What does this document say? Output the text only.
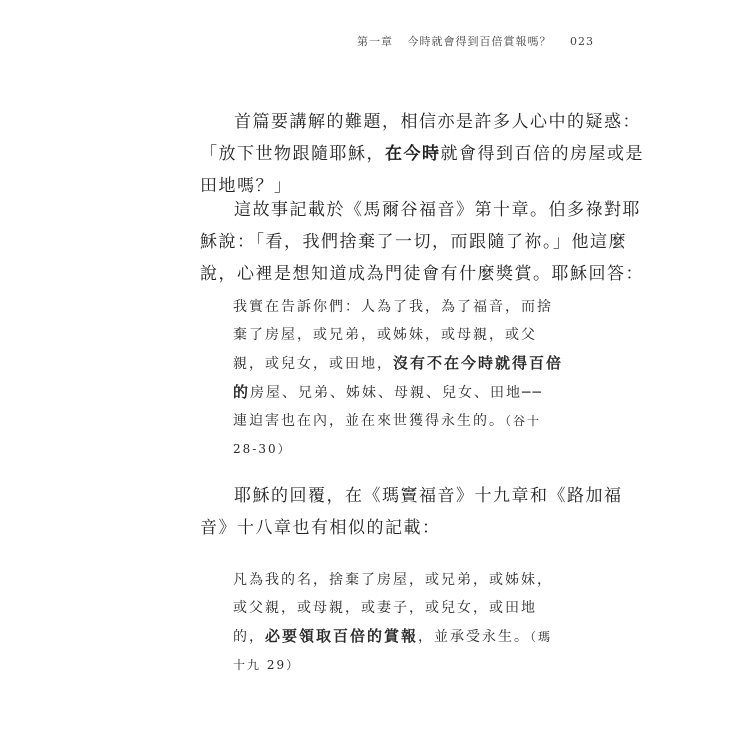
第一章 今時就會得到百倍賞報嗎？ 023

首篇要講解的難題，相信亦是許多人心中的疑惑：
「放下世物跟隨耶穌，在今時就會得到百倍的房屋或是
田地嗎？」

這故事記載於《馬爾谷福音》第十章。伯多祿對耶
穌說：「看，我們捨棄了一切，而跟隨了祢。」他這麼
說，心裡是想知道成為門徒會有什麼獎賞。耶穌回答：

我實在告訴你們：人為了我，為了福音，而捨
棄了房屋，或兄弟，或姊妹，或母親，或父
親，或兒女，或田地，沒有不在今時就得百倍
的房屋、兄弟、姊妹、母親、兒女、田地──
連迫害也在內，並在來世獲得永生的。（谷十
28-30）

耶穌的回覆，在《瑪竇福音》十九章和《路加福
音》十八章也有相似的記載：

凡為我的名，捨棄了房屋，或兄弟，或姊妹，
或父親，或母親，或妻子，或兒女，或田地
的，必要領取百倍的賞報，並承受永生。（瑪
十九 29）
